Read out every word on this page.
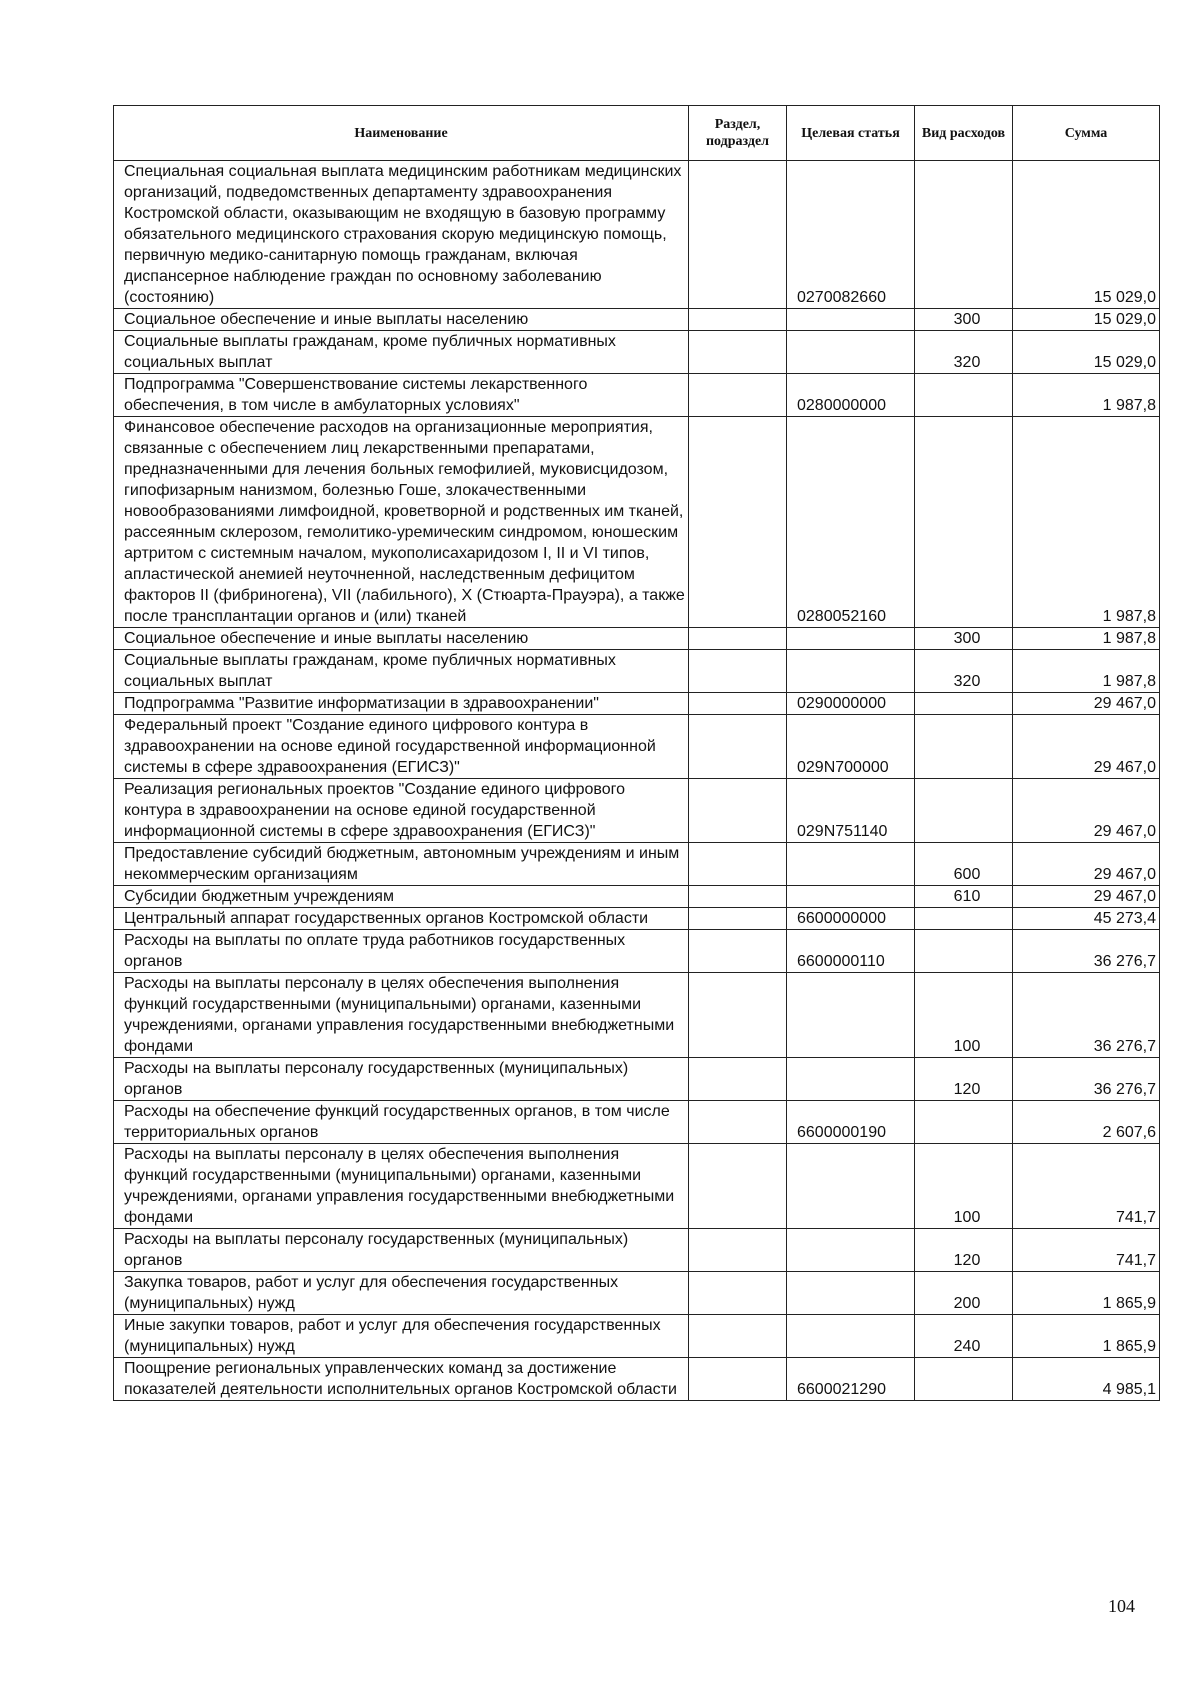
Наименование	Раздел, подраздел	Целевая статья	Вид расходов	Сумма
Специальная социальная выплата медицинским работникам медицинских организаций, подведомственных департаменту здравоохранения Костромской области, оказывающим не входящую в базовую программу обязательного медицинского страхования скорую медицинскую помощь, первичную медико-санитарную помощь гражданам, включая диспансерное наблюдение граждан по основному заболеванию (состоянию)		0270082660		15 029,0
Социальное обеспечение и иные выплаты населению			300	15 029,0
Социальные выплаты гражданам, кроме публичных нормативных социальных выплат			320	15 029,0
Подпрограмма "Совершенствование системы лекарственного обеспечения, в том числе в амбулаторных условиях"		0280000000		1 987,8
Финансовое обеспечение расходов на организационные мероприятия, связанные с обеспечением лиц лекарственными препаратами, предназначенными для лечения больных гемофилией, муковисцидозом, гипофизарным нанизмом, болезнью Гоше, злокачественными новообразованиями лимфоидной, кроветворной и родственных им тканей, рассеянным склерозом, гемолитико-уремическим синдромом, юношеским артритом с системным началом, мукополисахаридозом I, II и VI типов, апластической анемией неуточненной, наследственным дефицитом факторов II (фибриногена), VII (лабильного), X (Стюарта-Прауэра), а также после трансплантации органов и (или) тканей		0280052160		1 987,8
Социальное обеспечение и иные выплаты населению			300	1 987,8
Социальные выплаты гражданам, кроме публичных нормативных социальных выплат			320	1 987,8
Подпрограмма "Развитие информатизации в здравоохранении"		0290000000		29 467,0
Федеральный проект "Создание единого цифрового контура в здравоохранении на основе единой государственной информационной системы в сфере здравоохранения (ЕГИСЗ)"		029N700000		29 467,0
Реализация региональных проектов "Создание единого цифрового контура в здравоохранении на основе единой государственной информационной системы в сфере здравоохранения (ЕГИСЗ)"		029N751140		29 467,0
Предоставление субсидий бюджетным, автономным учреждениям и иным некоммерческим организациям			600	29 467,0
Субсидии бюджетным учреждениям			610	29 467,0
Центральный аппарат государственных органов Костромской области		6600000000		45 273,4
Расходы на выплаты по оплате труда работников государственных органов		6600000110		36 276,7
Расходы на выплаты персоналу в целях обеспечения выполнения функций государственными (муниципальными) органами, казенными учреждениями, органами управления государственными внебюджетными фондами			100	36 276,7
Расходы на выплаты персоналу государственных (муниципальных) органов			120	36 276,7
Расходы на обеспечение функций государственных органов, в том числе территориальных органов		6600000190		2 607,6
Расходы на выплаты персоналу в целях обеспечения выполнения функций государственными (муниципальными) органами, казенными учреждениями, органами управления государственными внебюджетными фондами			100	741,7
Расходы на выплаты персоналу государственных (муниципальных) органов			120	741,7
Закупка товаров, работ и услуг для обеспечения государственных (муниципальных) нужд			200	1 865,9
Иные закупки товаров, работ и услуг для обеспечения государственных (муниципальных) нужд			240	1 865,9
Поощрение региональных управленческих команд за достижение показателей деятельности исполнительных органов Костромской области		6600021290		4 985,1
104
